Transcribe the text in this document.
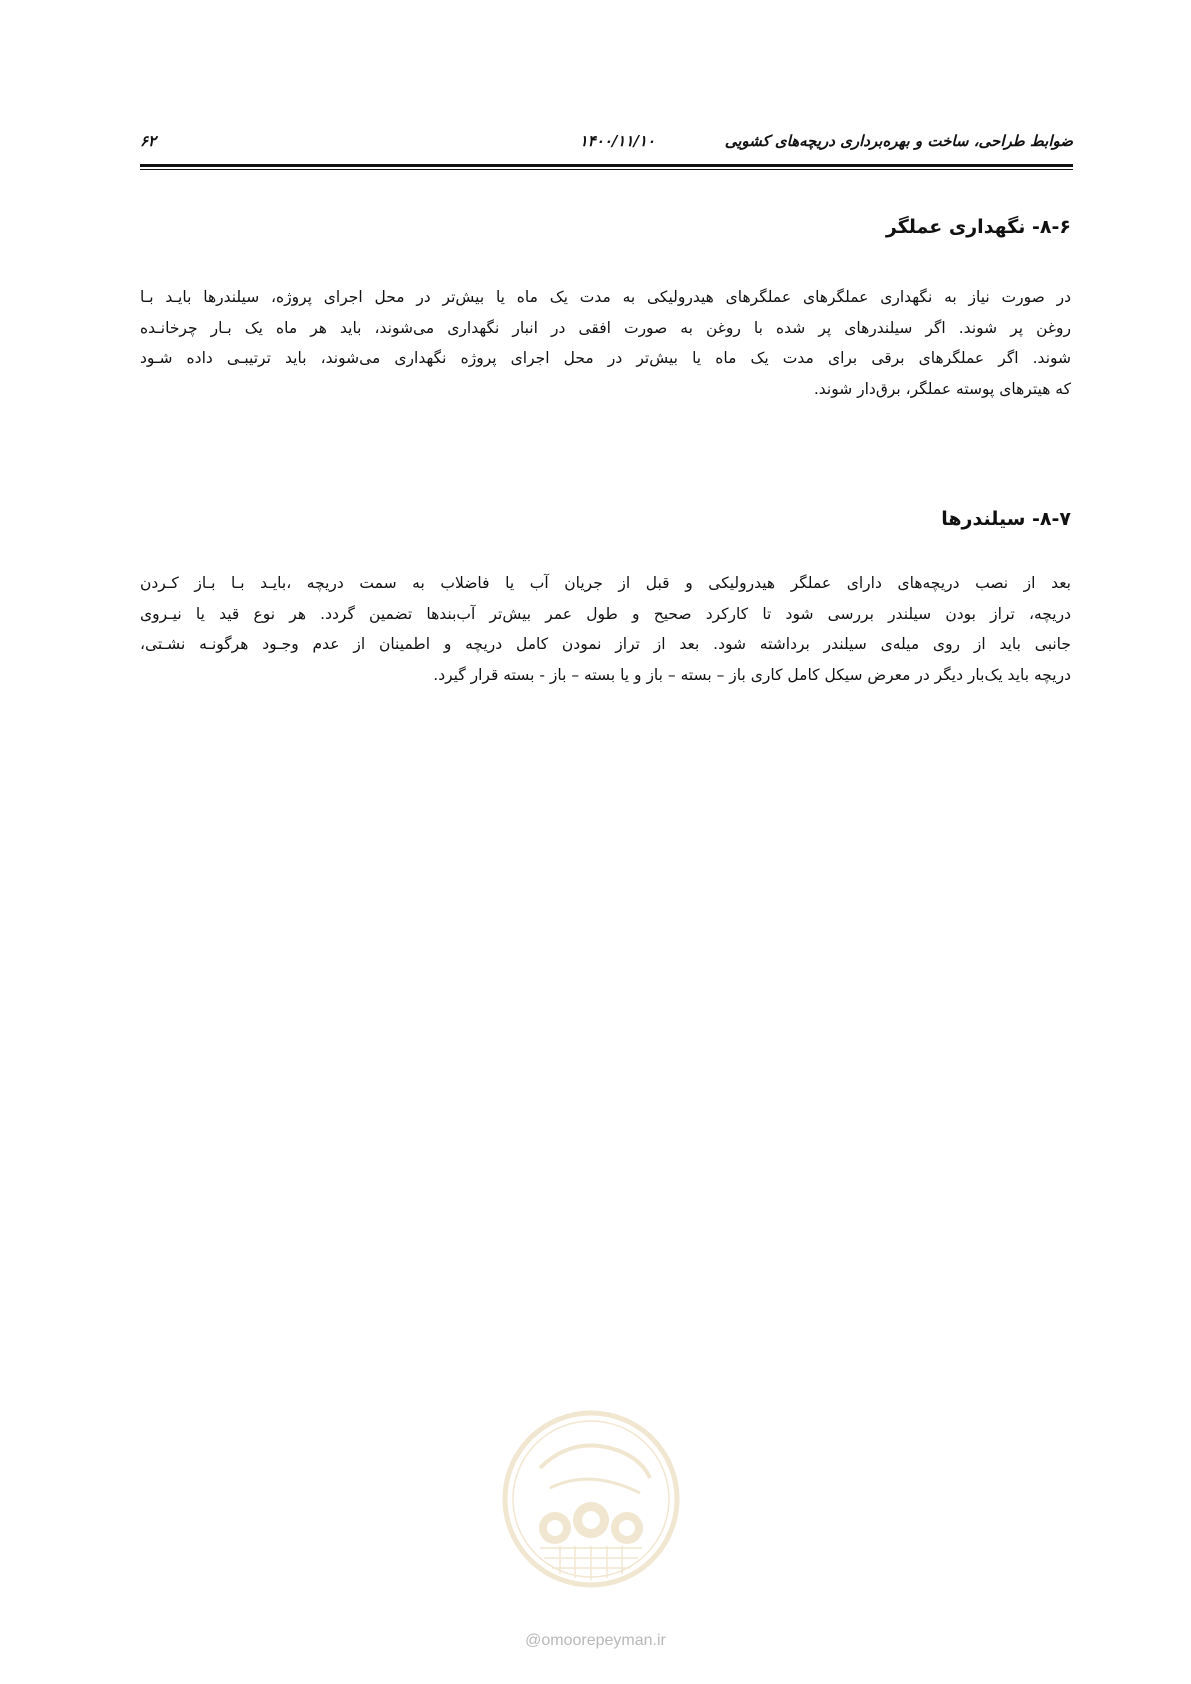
ضوابط طراحی، ساخت و بهره‌برداری دریچه‌های کشویی
۱۴۰۰/۱۱/۱۰
۶۲
۸-۶- نگهداری عملگر
در صورت نیاز به نگهداری عملگرهای عملگرهای هیدرولیکی به مدت یک ماه یا بیش‌تر در محل اجرای پروژه، سیلندرها بایـد بـا
روغن پر شوند. اگر سیلندرهای پر شده با روغن به صورت افقی در انبار نگهداری می‌شوند، باید هر ماه یک بـار چرخانـده
شوند. اگر عملگرهای برقی برای مدت یک ماه یا بیش‌تر در محل اجرای پروژه نگهداری می‌شوند، باید ترتیبـی داده شـود
که هیترهای پوسته عملگر، برق‌دار شوند.
۸-۷- سیلندرها
بعد از نصب دریچه‌های دارای عملگر هیدرولیکی و قبل از جریان آب یا فاضلاب به سمت دریچه ،بایـد بـا بـاز کـردن
دریچه، تراز بودن سیلندر بررسی شود تا کارکرد صحیح و طول عمر بیش‌تر آب‌بندها تضمین گردد. هر نوع قید یا نیـروی
جانبی باید از روی میله‌ی سیلندر برداشته شود. بعد از تراز نمودن کامل دریچه و اطمینان از عدم وجـود هرگونـه نشـتی،
دریچه باید یک‌بار دیگر در معرض سیکل کامل کاری باز – بسته – باز و یا بسته – باز - بسته قرار گیرد.
@omoorepeyman.ir
